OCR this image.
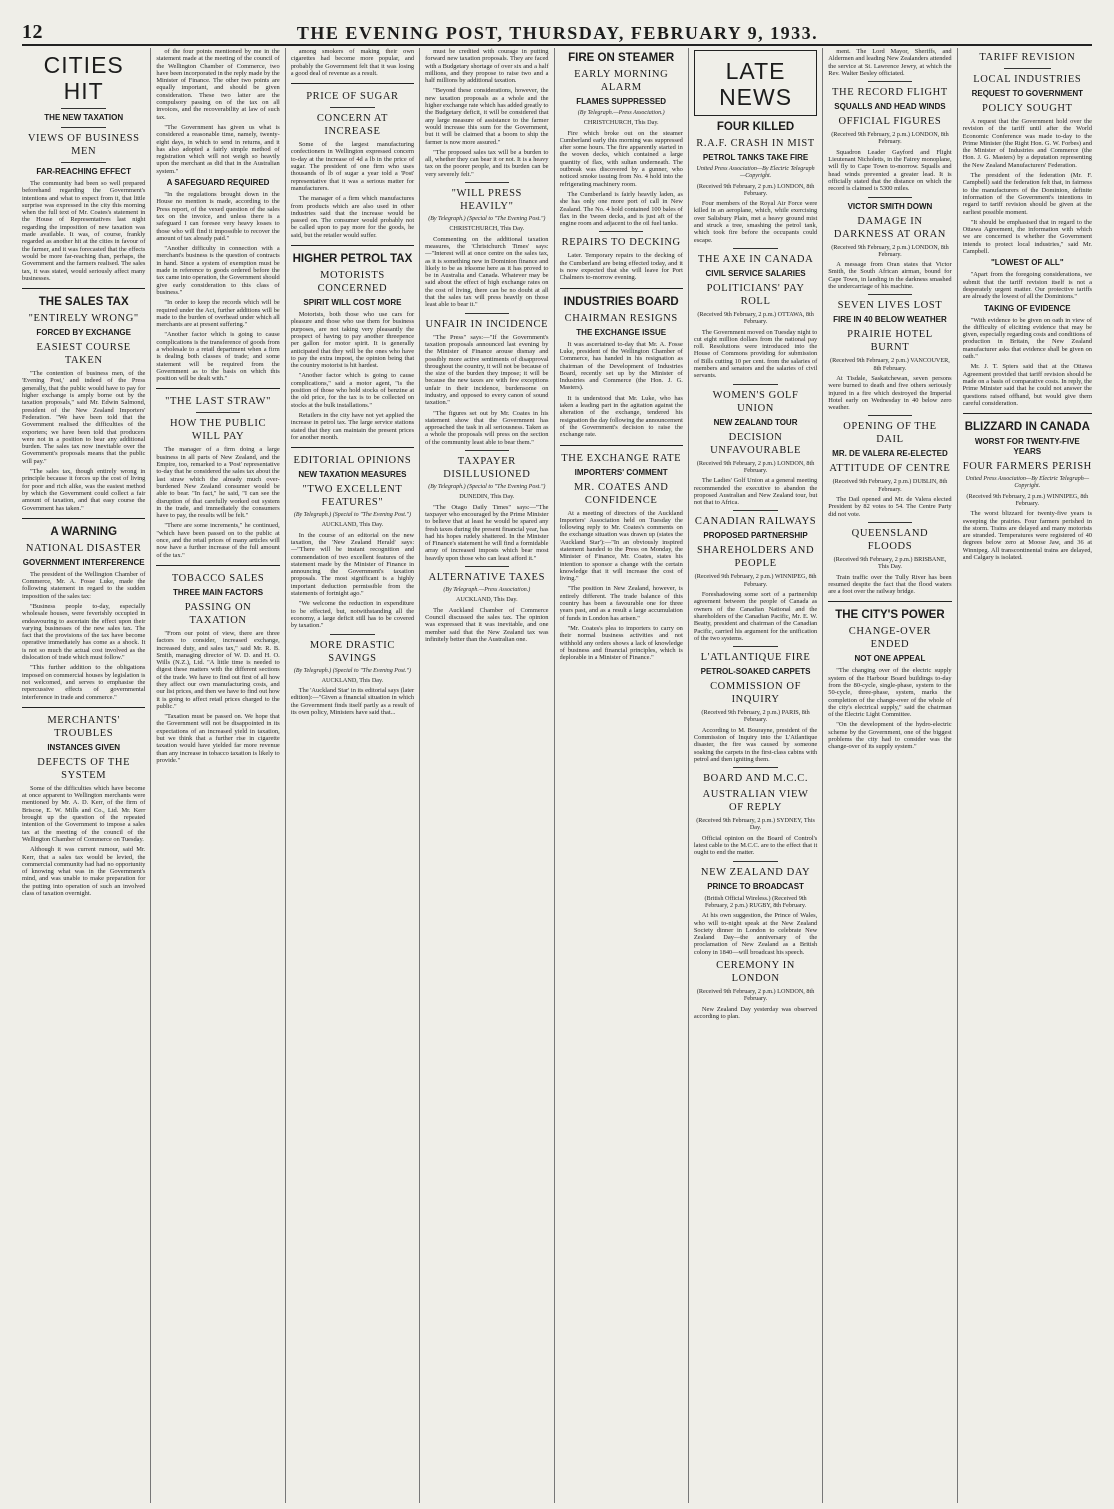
12	THE EVENING POST, THURSDAY, FEBRUARY 9, 1933.
CITIES HIT
THE NEW TAXATION
VIEWS OF BUSINESS MEN
FAR-REACHING EFFECT

The community had been so well prepared beforehand regarding the Government's intentions and what to expect from it, that little surprise was expressed in the city this morning when the full text of Mr. Coates's statement in the House of Representatives last night regarding the imposition of new taxation was made available. It was, of course, frankly regarded as another hit at the cities in favour of the farmer, and it was forecasted that the effects would be more far-reaching than, perhaps, the Government and the farmers realised. The sales tax, it was stated, would seriously affect many businesses.

THE SALES TAX
"ENTIRELY WRONG"
FORCED BY EXCHANGE
EASIEST COURSE TAKEN

"The contention of business men, of the 'Evening Post,' and indeed of the Press generally, that the public would have to pay for higher exchange is amply borne out by the taxation proposals," said Mr. Edwin Salmond, president of the New Zealand Importers' Federation. "We have been told that the Government realised the difficulties of the exporters; we have been told that producers were not in a position to bear any additional burden. The sales tax now inevitable over the Government's proposals means that the public will pay."

"The sales tax, though entirely wrong in principle because it forces up the cost of living for poor and rich alike, was the easiest method by which the Government could collect a fair amount of taxation, and that easy course the Government has taken."

A WARNING
NATIONAL DISASTER
GOVERNMENT INTERFERENCE

The president of the Wellington Chamber of Commerce, Mr. A. Fosse Luke, made the following statement in regard to the sudden imposition of the sales tax:

"Business people to-day, especially wholesale houses, were feverishly occupied in endeavouring to ascertain the effect upon their varying businesses of the new sales tax. The fact that the provisions of the tax have become operative immediately has come as a shock. It is not so much the actual cost involved as the dislocation of trade which must follow."

"This further addition to the obligations imposed on commercial houses by legislation is not welcomed, and serves to emphasise the repercussive effects of governmental interference in trade and commerce."

MERCHANTS' TROUBLES
INSTANCES GIVEN
DEFECTS OF THE SYSTEM

Some of the difficulties which have become at once apparent to Wellington merchants were mentioned by Mr. A. D. Kerr, of the firm of Briscoe, E. W. Mills and Co., Ltd. Mr. Kerr brought up the question of the repeated intention of the Government to impose a sales tax at the meeting of the council of the Wellington Chamber of Commerce on Tuesday.

Although it was current rumour, said Mr. Kerr, that a sales tax would be levied, the commercial community had had no opportunity of knowing what was in the Government's mind, and was unable to make preparation for the putting into operation of such an involved class of taxation overnight.

of the four points mentioned by me in the statement made at the meeting of the council of the Wellington Chamber of Commerce, two have been incorporated in the reply made by the Minister of Finance. The other two points are equally important, and should be given consideration. These two latter are the compulsory passing on of the tax on all invoices, and the recoverability at law of such tax.

"The Government has given us what is considered a reasonable time, namely, twenty-eight days, in which to send in returns, and it has also adopted a fairly simple method of registration which will not weigh so heavily upon the merchant as did that in the Australian system."

A SAFEGUARD REQUIRED

"In the regulations brought down in the House no mention is made, according to the Press report, of the vexed question of the sales tax on the invoice, and unless there is a safeguard I can foresee very heavy losses to those who will find it impossible to recover the amount of tax already paid."

"Another difficulty in connection with a merchant's business is the question of contracts in hand. Since a system of exemption must be made in reference to goods ordered before the tax came into operation, the Government should give early consideration to this class of business."

"In order to keep the records which will be required under the Act, further additions will be made to the burden of overhead under which all merchants are at present suffering."

"Another factor which is going to cause complications is the transference of goods from a wholesale to a retail department when a firm is dealing both classes of trade; and some statement will be required from the Government as to the basis on which this position will be dealt with."

"THE LAST STRAW"
HOW THE PUBLIC WILL PAY

The manager of a firm doing a large business in all parts of New Zealand, and the Empire, too, remarked to a 'Post' representative to-day that he considered the sales tax about the last straw which the already much over-burdened New Zealand consumer would be able to bear. "In fact," he said, "I can see the disruption of that carefully worked out system in the trade, and immediately the consumers have to pay, the results will be felt."

"There are some increments," he continued, "which have been passed on to the public at once, and the retail prices of many articles will now have a further increase of the full amount of the tax."

TOBACCO SALES
THREE MAIN FACTORS
PASSING ON TAXATION

"From our point of view, there are three factors to consider, increased exchange, increased duty, and sales tax," said Mr. R. B. Smith, managing director of W. D. and H. O. Wills (N.Z.), Ltd. "A little time is needed to digest these matters with the different sections of the trade. We have to find out first of all how they affect our own manufacturing costs, and our list prices, and then we have to find out how it is going to affect retail prices charged to the public."

"Taxation must be passed on. We hope that the Government will not be disappointed in its expectations of an increased yield in taxation, but we think that a further rise in cigarette taxation would have yielded far more revenue than any increase in tobacco taxation is likely to provide."

among smokers of making their own cigarettes had become more popular, and probably the Government felt that it was losing a good deal of revenue as a result.

PRICE OF SUGAR
CONCERN AT INCREASE

Some of the largest manufacturing confectioners in Wellington expressed concern to-day at the increase of 4d a lb in the price of sugar. The president of one firm who uses thousands of lb of sugar a year told a 'Post' representative that it was a serious matter for manufacturers.

The manager of a firm which manufactures from products which are also used in other industries said that the increase would be passed on. The consumer would probably not be called upon to pay more for the goods, he said, but the retailer would suffer.

HIGHER PETROL TAX
MOTORISTS CONCERNED
SPIRIT WILL COST MORE

Motorists, both those who use cars for pleasure and those who use them for business purposes, are not taking very pleasantly the prospect of having to pay another threepence per gallon for motor spirit. It is generally anticipated that they will be the ones who have to pay the extra impost, the opinion being that the country motorist is hit hardest.

"Another factor which is going to cause complications," said a motor agent, "is the position of those who hold stocks of benzine at the old price, for the tax is to be collected on stocks at the bulk installations."

Retailers in the city have not yet applied the increase in petrol tax. The large service stations stated that they can maintain the present prices for another month.

EDITORIAL OPINIONS
NEW TAXATION MEASURES
"TWO EXCELLENT FEATURES"
(By Telegraph.) (Special to "The Evening Post.")
AUCKLAND, This Day.

In the course of an editorial on the new taxation, the 'New Zealand Herald' says:—"There will be instant recognition and commendation of two excellent features of the statement made by the Minister of Finance in announcing the Government's taxation proposals. The most significant is a highly important deduction permissible from the statements of fortnight ago."

"We welcome the reduction in expenditure to be effected, but, notwithstanding all the economy, a large deficit still has to be covered by taxation."

MORE DRASTIC SAVINGS
(By Telegraph.) (Special to "The Evening Post.")
AUCKLAND, This Day.

The 'Auckland Star' in its editorial says (later edition):—"Given a financial situation in which the Government finds itself partly as a result of its own policy, Ministers have said that...

must be credited with courage in putting forward new taxation proposals. They are faced with a Budgetary shortage of over six and a half millions, and they propose to raise two and a half millions by additional taxation.

"Beyond these considerations, however, the new taxation proposals as a whole and the higher exchange rate which has added greatly to the Budgetary deficit, it will be considered that any large measure of assistance to the farmer would increase this sum for the Government, but it will be claimed that a boom to ship the farmer is now more assured."

"The proposed sales tax will be a burden to all, whether they can bear it or not. It is a heavy tax on the poorer people, and its burden can be very severely felt."

"WILL PRESS HEAVILY"
(By Telegraph.) (Special to "The Evening Post.")
CHRISTCHURCH, This Day.

Commenting on the additional taxation measures, the 'Christchurch Times' says:—"Interest will at once centre on the sales tax, as it is something new in Dominion finance and likely to be as irksome here as it has proved to be in Australia and Canada. Whatever may be said about the effect of high exchange rates on the cost of living, there can be no doubt at all that the sales tax will press heavily on those least able to bear it."

UNFAIR IN INCIDENCE

"The Press" says:—"If the Government's taxation proposals announced last evening by the Minister of Finance arouse dismay and possibly more active sentiments of disapproval throughout the country, it will not be because of the size of the burden they impose; it will be because the new taxes are with few exceptions unfair in their incidence, burdensome on industry, and opposed to every canon of sound taxation."

"The figures set out by Mr. Coates in his statement show that the Government has approached the task in all seriousness. Taken as a whole the proposals will press on the section of the community least able to bear them."

TAXPAYER DISILLUSIONED
(By Telegraph.) (Special to "The Evening Post.")
DUNEDIN, This Day.

"The Otago Daily Times" says:—"The taxpayer who encouraged by the Prime Minister to believe that at least he would be spared any fresh taxes during the present financial year, has had his hopes rudely shattered. In the Minister of Finance's statement he will find a formidable array of increased imposts which bear most heavily upon those who can least afford it."

ALTERNATIVE TAXES
(By Telegraph.—Press Association.)
AUCKLAND, This Day.

The Auckland Chamber of Commerce Council discussed the sales tax. The opinion was expressed that it was inevitable, and one member said that the New Zealand tax was infinitely better than the Australian one.

FIRE ON STEAMER
EARLY MORNING ALARM
FLAMES SUPPRESSED
(By Telegraph.—Press Association.)
CHRISTCHURCH, This Day.

Fire which broke out on the steamer Cumberland early this morning was suppressed after some hours. The fire apparently started in the woven decks, which contained a large quantity of flax, with sultan underneath. The outbreak was discovered by a gunner, who noticed smoke issuing from No. 4 hold into the refrigerating machinery room.

The Cumberland is fairly heavily laden, as she has only one more port of call in New Zealand. The No. 4 hold contained 100 bales of flax in the 'tween decks, and is just aft of the engine room and adjacent to the oil fuel tanks.

REPAIRS TO DECKING

Later. Temporary repairs to the decking of the Cumberland are being effected today, and it is now expected that she will leave for Port Chalmers to-morrow evening.

INDUSTRIES BOARD
CHAIRMAN RESIGNS
THE EXCHANGE ISSUE

It was ascertained to-day that Mr. A. Fosse Luke, president of the Wellington Chamber of Commerce, has handed in his resignation as chairman of the Development of Industries Board, recently set up by the Minister of Industries and Commerce (the Hon. J. G. Masters).

It is understood that Mr. Luke, who has taken a leading part in the agitation against the alteration of the exchange, tendered his resignation the day following the announcement of the Government's decision to raise the exchange rate.

THE EXCHANGE RATE
IMPORTERS' COMMENT
MR. COATES AND CONFIDENCE

At a meeting of directors of the Auckland Importers' Association held on Tuesday the following reply to Mr. Coates's comments on the exchange situation was drawn up (states the 'Auckland Star'):—"In an obviously inspired statement handed to the Press on Monday, the Minister of Finance, Mr. Coates, states his intention to sponsor a change with the certain knowledge that it will increase the cost of living."

"The position in New Zealand, however, is entirely different. The trade balance of this country has been a favourable one for three years past, and as a result a large accumulation of funds in London has arisen."

"Mr. Coates's plea to importers to carry on their normal business activities and not withhold any orders shows a lack of knowledge of business and financial principles, which is deplorable in a Minister of Finance."

LATE NEWS
FOUR KILLED
R.A.F. CRASH IN MIST
PETROL TANKS TAKE FIRE
United Press Association—By Electric Telegraph—Copyright.
(Received 9th February, 2 p.m.) LONDON, 8th February.

Four members of the Royal Air Force were killed in an aeroplane, which, while exercising over Salisbury Plain, met a heavy ground mist and struck a tree, smashing the petrol tank, which took fire before the occupants could escape.

THE AXE IN CANADA
CIVIL SERVICE SALARIES
POLITICIANS' PAY ROLL
(Received 9th February, 2 p.m.) OTTAWA, 8th February.

The Government moved on Tuesday night to cut eight million dollars from the national pay roll. Resolutions were introduced into the House of Commons providing for submission of Bills cutting 10 per cent. from the salaries of members and senators and the salaries of civil servants.

WOMEN'S GOLF UNION
NEW ZEALAND TOUR
DECISION UNFAVOURABLE
(Received 9th February, 2 p.m.) LONDON, 8th February.

The Ladies' Golf Union at a general meeting recommended the executive to abandon the proposed Australian and New Zealand tour, but not that to Africa.

CANADIAN RAILWAYS
PROPOSED PARTNERSHIP
SHAREHOLDERS AND PEOPLE
(Received 9th February, 2 p.m.) WINNIPEG, 8th February.

Foreshadowing some sort of a partnership agreement between the people of Canada as owners of the Canadian National and the shareholders of the Canadian Pacific, Mr. E. W. Beatty, president and chairman of the Canadian Pacific, carried his argument for the unification of the two systems.

L'ATLANTIQUE FIRE
PETROL-SOAKED CARPETS
COMMISSION OF INQUIRY
(Received 9th February, 2 p.m.) PARIS, 8th February.

According to M. Bourayne, president of the Commission of Inquiry into the L'Atlantique disaster, the fire was caused by someone soaking the carpets in the first-class cabins with petrol and then igniting them.

BOARD AND M.C.C.
AUSTRALIAN VIEW OF REPLY
(Received 9th February, 2 p.m.) SYDNEY, This Day.

Official opinion on the Board of Control's latest cable to the M.C.C. are to the effect that it ought to end the matter.

NEW ZEALAND DAY
PRINCE TO BROADCAST
(British Official Wireless.) (Received 9th February, 2 p.m.) RUGBY, 8th February.

At his own suggestion, the Prince of Wales, who will to-night speak at the New Zealand Society dinner in London to celebrate New Zealand Day—the anniversary of the proclamation of New Zealand as a British colony in 1840—will broadcast his speech.

CEREMONY IN LONDON
(Received 9th February, 2 p.m.) LONDON, 8th February.

New Zealand Day yesterday was observed according to plan.

ment. The Lord Mayor, Sheriffs, and Aldermen and leading New Zealanders attended the service at St. Lawrence Jewry, at which the Rev. Walter Besley officiated.

THE RECORD FLIGHT
SQUALLS AND HEAD WINDS
OFFICIAL FIGURES
(Received 9th February, 2 p.m.) LONDON, 8th February.

Squadron Leader Gayford and Flight Lieutenant Nicholetts, in the Fairey monoplane, will fly to Cape Town to-morrow. Squalls and head winds prevented a greater lead. It is officially stated that the distance on which the record is claimed is 5300 miles.

VICTOR SMITH DOWN
DAMAGE IN DARKNESS AT ORAN
(Received 9th February, 2 p.m.) LONDON, 8th February.

A message from Oran states that Victor Smith, the South African airman, bound for Cape Town, in landing in the darkness smashed the undercarriage of his machine.

SEVEN LIVES LOST
FIRE IN 40 BELOW WEATHER
PRAIRIE HOTEL BURNT
(Received 9th February, 2 p.m.) VANCOUVER, 8th February.

At Tisdale, Saskatchewan, seven persons were burned to death and five others seriously injured in a fire which destroyed the Imperial Hotel early on Wednesday in 40 below zero weather.

OPENING OF THE DAIL
MR. DE VALERA RE-ELECTED
ATTITUDE OF CENTRE
(Received 9th February, 2 p.m.) DUBLIN, 8th February.

The Dail opened and Mr. de Valera elected President by 82 votes to 54. The Centre Party did not vote.

QUEENSLAND FLOODS
(Received 9th February, 2 p.m.) BRISBANE, This Day.

Train traffic over the Tully River has been resumed despite the fact that the flood waters are a foot over the railway bridge.

THE CITY'S POWER
CHANGE-OVER ENDED
NOT ONE APPEAL

"The changing over of the electric supply system of the Harbour Board buildings to-day from the 80-cycle, single-phase, system to the 50-cycle, three-phase, system, marks the completion of the change-over of the whole of the city's electrical supply," said the chairman of the Electric Light Committee.

"On the development of the hydro-electric scheme by the Government, one of the biggest problems the city had to consider was the change-over of its supply system."

TARIFF REVISION
LOCAL INDUSTRIES
REQUEST TO GOVERNMENT
POLICY SOUGHT

A request that the Government hold over the revision of the tariff until after the World Economic Conference was made to-day to the Prime Minister (the Right Hon. G. W. Forbes) and the Minister of Industries and Commerce (the Hon. J. G. Masters) by a deputation representing the New Zealand Manufacturers' Federation.

The president of the federation (Mr. F. Campbell) said the federation felt that, in fairness to the manufacturers of the Dominion, definite information of the Government's intentions in regard to tariff revision should be given at the earliest possible moment.

"It should be emphasised that in regard to the Ottawa Agreement, the information with which we are concerned is whether the Government intends to protect local industries," said Mr. Campbell.

"LOWEST OF ALL"

"Apart from the foregoing considerations, we submit that the tariff revision itself is not a desperately urgent matter. Our protective tariffs are already the lowest of all the Dominions."

TAKING OF EVIDENCE

"With evidence to be given on oath in view of the difficulty of eliciting evidence that may be given, especially regarding costs and conditions of production in Britain, the New Zealand manufacturer asks that evidence shall be given on oath."

Mr. J. T. Spiers said that at the Ottawa Agreement provided that tariff revision should be made on a basis of comparative costs. In reply, the Prime Minister said that he could not answer the questions raised offhand, but would give them careful consideration.

BLIZZARD IN CANADA
WORST FOR TWENTY-FIVE YEARS
FOUR FARMERS PERISH
United Press Association—By Electric Telegraph—Copyright.
(Received 9th February, 2 p.m.) WINNIPEG, 8th February.

The worst blizzard for twenty-five years is sweeping the prairies. Four farmers perished in the storm. Trains are delayed and many motorists are stranded. Temperatures were registered of 40 degrees below zero at Moose Jaw, and 36 at Winnipeg. All transcontinental trains are delayed, and Calgary is isolated.
